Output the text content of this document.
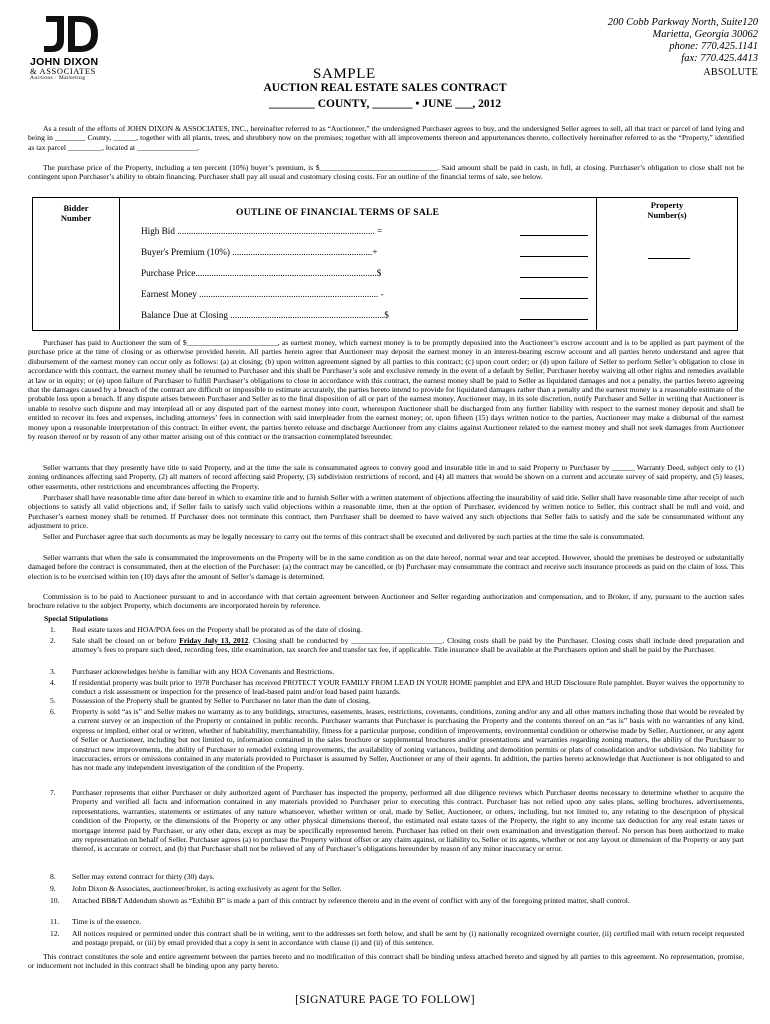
JOHN DIXON
& ASSOCIATES
Auctions · Marketing
200 Cobb Parkway North, Suite120
Marietta, Georgia 30062
phone: 770.425.1141
fax: 770.425.4413
ABSOLUTE
SAMPLE
AUCTION REAL ESTATE SALES CONTRACT
________ COUNTY, _______ • JUNE ___, 2012
As a result of the efforts of JOHN DIXON & ASSOCIATES, INC., hereinafter referred to as “Auctioneer,” the undersigned Purchaser agrees to buy, and the undersigned Seller agrees to sell, all that tract or parcel of land lying and being in ________ County, ______, together with all plants, trees, and shrubbery now on the premises; together with all improvements thereon and appurtenances thereto, collectively hereinafter referred to as the “Property,” identified as tax parcel _________, located at ________________.
The purchase price of the Property, including a ten percent (10%) buyer’s premium, is $_______________________________. Said amount shall be paid in cash, in full, at closing. Purchaser’s obligation to close shall not be contingent upon Purchaser’s ability to obtain financing. Purchaser shall pay all usual and customary closing costs. For an outline of the financial terms of sale, see below.
Bidder
Number
Property
Number(s)
OUTLINE OF FINANCIAL TERMS OF SALE
High Bid ...................................................................................... =
Buyer's Premium (10%) .............................................................+
Purchase Price...............................................................................$
Earnest Money .............................................................................. -
Balance Due at Closing ...................................................................$
Purchaser has paid to Auctioneer the sum of $________________________, as earnest money, which earnest money is to be promptly deposited into the Auctioneer’s escrow account and is to be applied as part payment of the purchase price at the time of closing or as otherwise provided herein. All parties hereto agree that Auctioneer may deposit the earnest money in an interest-bearing escrow account and all parties hereto understand and agree that disbursement of the earnest money can occur only as follows: (a) at closing; (b) upon written agreement signed by all parties to this contract; (c) upon court order; or (d) upon failure of Seller to perform Seller’s obligation to close in accordance with this contract, the earnest money shall be returned to Purchaser and this shall be Purchaser’s sole and exclusive remedy in the event of a default by Seller, Purchaser hereby waiving all other rights and remedies available at law or in equity; or (e) upon failure of Purchaser to fulfill Purchaser’s obligations to close in accordance with this contract, the earnest money shall be paid to Seller as liquidated damages and not a penalty, the parties hereto agreeing that the damages caused by a breach of the contract are difficult or impossible to estimate accurately, the parties hereto intend to provide for liquidated damages rather than a penalty and the earnest money is a reasonable estimate of the probable loss upon a breach. If any dispute arises between Purchaser and Seller as to the final disposition of all or part of the earnest money, Auctioneer may, in its sole discretion, notify Purchaser and Seller in writing that Auctioneer is unable to resolve such dispute and may interplead all or any disputed part of the earnest money into court, whereupon Auctioneer shall be discharged from any further liability with respect to the earnest money deposit and shall be entitled to recover its fees and expenses, including attorneys’ fees in connection with said interpleader from the earnest money; or, upon fifteen (15) days written notice to the parties, Auctioneer may make a disbursal of the earnest money upon a reasonable interpretation of this contract. In either event, the parties hereto release and discharge Auctioneer from any claims against Auctioneer related to the earnest money and shall not seek damages from Auctioneer by reason thereof or by reason of any other matter arising out of this contract or the transaction contemplated hereunder.
Seller warrants that they presently have title to said Property, and at the time the sale is consummated agrees to convey good and insurable title in and to said Property to Purchaser by ______ Warranty Deed, subject only to (1) zoning ordinances affecting said Property, (2) all matters of record affecting said Property, (3) subdivision restrictions of record, and (4) all matters that would be shown on a current and accurate survey of said property, and (5) leases, other easements, other restrictions and encumbrances affecting the Property.
Purchaser shall have reasonable time after date hereof in which to examine title and to furnish Seller with a written statement of objections affecting the insurability of said title. Seller shall have reasonable time after receipt of such objections to satisfy all valid objections and, if Seller fails to satisfy such valid objections within a reasonable time, then at the option of Purchaser, evidenced by written notice to Seller, this contract shall be null and void, and Purchaser’s earnest money shall be returned. If Purchaser does not terminate this contract, then Purchaser shall be deemed to have waived any such objections that Seller fails to satisfy and the sale be consummated without any adjustment to price.
Seller and Purchaser agree that such documents as may be legally necessary to carry out the terms of this contract shall be executed and delivered by such parties at the time the sale is consummated.
Seller warrants that when the sale is consummated the improvements on the Property will be in the same condition as on the date hereof, normal wear and tear accepted. However, should the premises be destroyed or substantially damaged before the contract is consummated, then at the election of the Purchaser: (a) the contract may be cancelled, or (b) Purchaser may consummate the contract and receive such insurance proceeds as paid on the claim of loss. This election is to be exercised within ten (10) days after the amount of Seller’s damage is determined.
Commission is to be paid to Auctioneer pursuant to and in accordance with that certain agreement between Auctioneer and Seller regarding authorization and compensation, and to Broker, if any, pursuant to the auction sales brochure relative to the subject Property, which documents are incorporated herein by reference.
Special Stipulations
1. Real estate taxes and HOA/POA fees on the Property shall be prorated as of the date of closing.
2. Sale shall be closed on or before Friday July 13, 2012. Closing shall be conducted by ________________________. Closing costs shall be paid by the Purchaser. Closing costs shall include deed preparation and attorney’s fees to prepare such deed, recording fees, title examination, tax search fee and transfer tax fee, if applicable. Title insurance shall be available at the Purchasers option and shall be paid by the Purchaser.
3. Purchaser acknowledges he/she is familiar with any HOA Covenants and Restrictions.
4. If residential property was built prior to 1978 Purchaser has received PROTECT YOUR FAMILY FROM LEAD IN YOUR HOME pamphlet and EPA and HUD Disclosure Rule pamphlet. Buyer waives the opportunity to conduct a risk assessment or inspection for the presence of lead-based paint and/or lead based paint hazards.
5. Possession of the Property shall be granted by Seller to Purchaser no later than the date of closing.
6. Property is sold “as is” and Seller makes no warranty as to any buildings, structures, easements, leases, restrictions, covenants, conditions, zoning and/or any and all other matters including those that would be revealed by a current survey or an inspection of the Property or contained in public records. Purchaser warrants that Purchaser is purchasing the Property and the contents thereof on an “as is” basis with no warranties of any kind, express or implied, either oral or written, whether of habitability, merchantability, fitness for a particular purpose, condition of improvements, environmental condition or otherwise made by Seller, Auctioneer, or any agent of Seller or Auctioneer, including but not limited to, information contained in the sales brochure or supplemental brochures and/or presentations and warranties regarding zoning matters, the ability of the Purchaser to construct new improvements, the ability of Purchaser to remodel existing improvements, the availability of zoning variances, building and demolition permits or plats of consolidation and/or subdivision. No liability for inaccuracies, errors or omissions contained in any materials provided to Purchaser is assumed by Seller, Auctioneer or any of their agents. In addition, the parties hereto acknowledge that Auctioneer is not obligated to and has not made any independent investigation of the condition of the Property.
7. Purchaser represents that either Purchaser or duly authorized agent of Purchaser has inspected the property, performed all due diligence reviews which Purchaser deems necessary to determine whether to acquire the Property and verified all facts and information contained in any materials provided to Purchaser prior to executing this contract. Purchaser has not relied upon any sales plans, selling brochures, advertisements, representations, warranties, statements or estimates of any nature whatsoever, whether written or oral, made by Seller, Auctioneer, or others, including, but not limited to, any relating to the description of physical condition of the Property, or the dimensions of the Property or any other physical dimensions thereof, the estimated real estate taxes of the Property, the right to any income tax deduction for any real estate taxes or mortgage interest paid by Purchaser, or any other data, except as may be specifically represented herein. Purchaser has relied on their own examination and investigation thereof. No person has been authorized to make any representation on behalf of Seller. Purchaser agrees (a) to purchase the Property without offset or any claim against, or liability to, Seller or its agents, whether or not any layout or dimension of the Property or any part thereof, is accurate or correct, and (b) that Purchaser shall not be relieved of any of Purchaser’s obligations hereunder by reason of any minor inaccuracy or error.
8. Seller may extend contract for thirty (30) days.
9. John Dixon & Associates, auctioneer/broker, is acting exclusively as agent for the Seller.
10. Attached BB&T Addendum shown as “Exhibit B” is made a part of this contract by reference thereto and in the event of conflict with any of the foregoing printed matter, shall control.
11. Time is of the essence.
12. All notices required or permitted under this contract shall be in writing, sent to the addresses set forth below, and shall be sent by (i) nationally recognized overnight courier, (ii) certified mail with return receipt requested and postage prepaid, or (iii) by email provided that a copy is sent in accordance with clause (i) and (ii) of this sentence.
This contract constitutes the sole and entire agreement between the parties hereto and no modification of this contract shall be binding unless attached hereto and signed by all parties to this agreement. No representation, promise, or inducement not included in this contract shall be binding upon any party hereto.
[SIGNATURE PAGE TO FOLLOW]
